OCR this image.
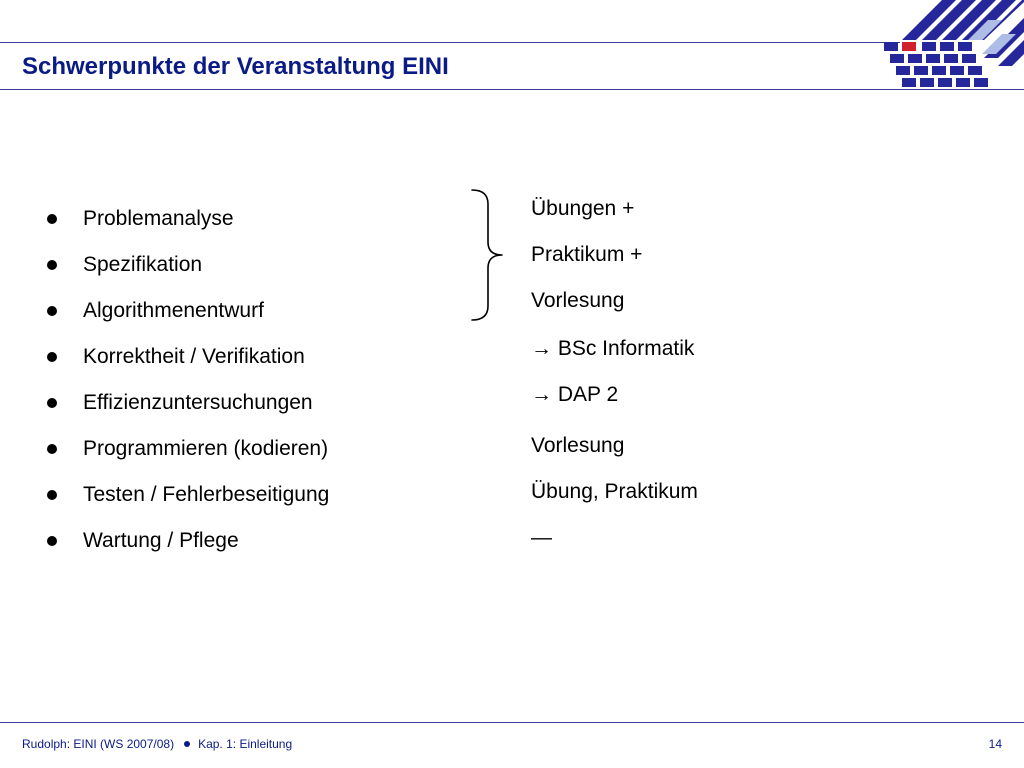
Schwerpunkte der Veranstaltung EINI
Problemanalyse
Spezifikation
Algorithmenentwurf
Korrektheit / Verifikation
Effizienzuntersuchungen
Programmieren (kodieren)
Testen / Fehlerbeseitigung
Wartung / Pflege
Übungen +
Praktikum +
Vorlesung
→ BSc Informatik
→ DAP 2
Vorlesung
Übung, Praktikum
—
Rudolph: EINI (WS 2007/08) Kap. 1: Einleitung	14
